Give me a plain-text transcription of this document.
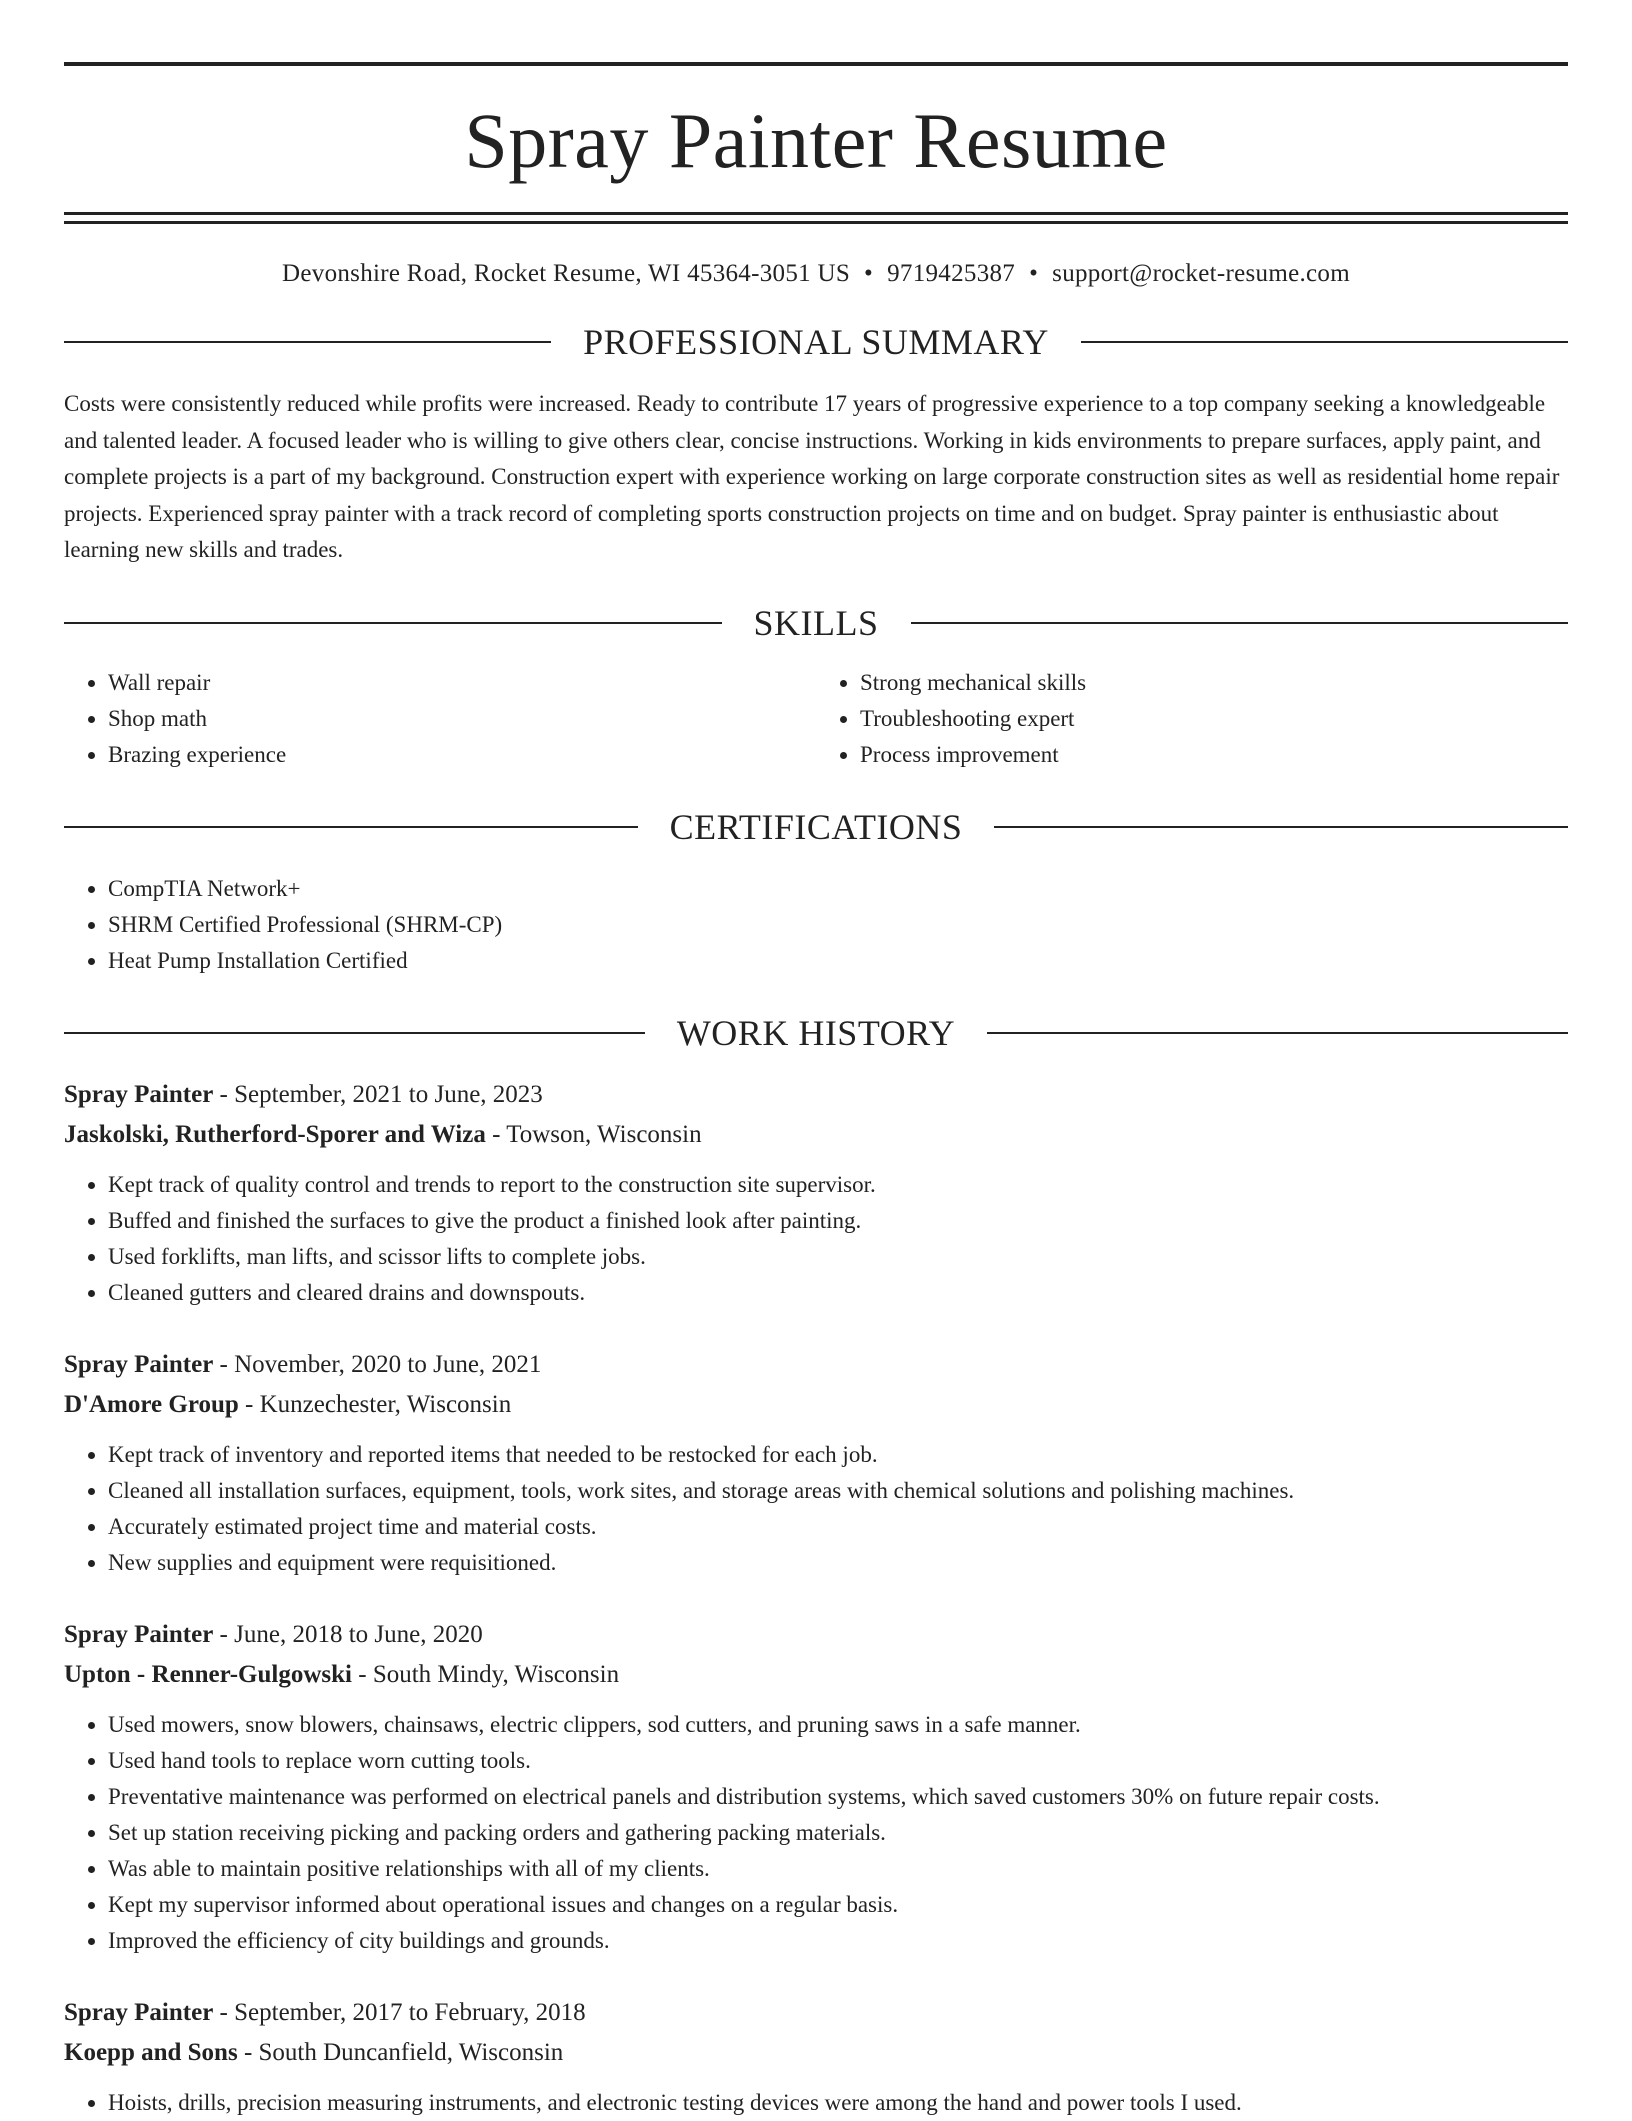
Spray Painter Resume
Devonshire Road, Rocket Resume, WI 45364-3051 US • 9719425387 • support@rocket-resume.com
PROFESSIONAL SUMMARY
Costs were consistently reduced while profits were increased. Ready to contribute 17 years of progressive experience to a top company seeking a knowledgeable and talented leader. A focused leader who is willing to give others clear, concise instructions. Working in kids environments to prepare surfaces, apply paint, and complete projects is a part of my background. Construction expert with experience working on large corporate construction sites as well as residential home repair projects. Experienced spray painter with a track record of completing sports construction projects on time and on budget. Spray painter is enthusiastic about learning new skills and trades.
SKILLS
• Wall repair
• Shop math
• Brazing experience
• Strong mechanical skills
• Troubleshooting expert
• Process improvement
CERTIFICATIONS
• CompTIA Network+
• SHRM Certified Professional (SHRM-CP)
• Heat Pump Installation Certified
WORK HISTORY
Spray Painter - September, 2021 to June, 2023
Jaskolski, Rutherford-Sporer and Wiza - Towson, Wisconsin
• Kept track of quality control and trends to report to the construction site supervisor.
• Buffed and finished the surfaces to give the product a finished look after painting.
• Used forklifts, man lifts, and scissor lifts to complete jobs.
• Cleaned gutters and cleared drains and downspouts.
Spray Painter - November, 2020 to June, 2021
D'Amore Group - Kunzechester, Wisconsin
• Kept track of inventory and reported items that needed to be restocked for each job.
• Cleaned all installation surfaces, equipment, tools, work sites, and storage areas with chemical solutions and polishing machines.
• Accurately estimated project time and material costs.
• New supplies and equipment were requisitioned.
Spray Painter - June, 2018 to June, 2020
Upton - Renner-Gulgowski - South Mindy, Wisconsin
• Used mowers, snow blowers, chainsaws, electric clippers, sod cutters, and pruning saws in a safe manner.
• Used hand tools to replace worn cutting tools.
• Preventative maintenance was performed on electrical panels and distribution systems, which saved customers 30% on future repair costs.
• Set up station receiving picking and packing orders and gathering packing materials.
• Was able to maintain positive relationships with all of my clients.
• Kept my supervisor informed about operational issues and changes on a regular basis.
• Improved the efficiency of city buildings and grounds.
Spray Painter - September, 2017 to February, 2018
Koepp and Sons - South Duncanfield, Wisconsin
• Hoists, drills, precision measuring instruments, and electronic testing devices were among the hand and power tools I used.
